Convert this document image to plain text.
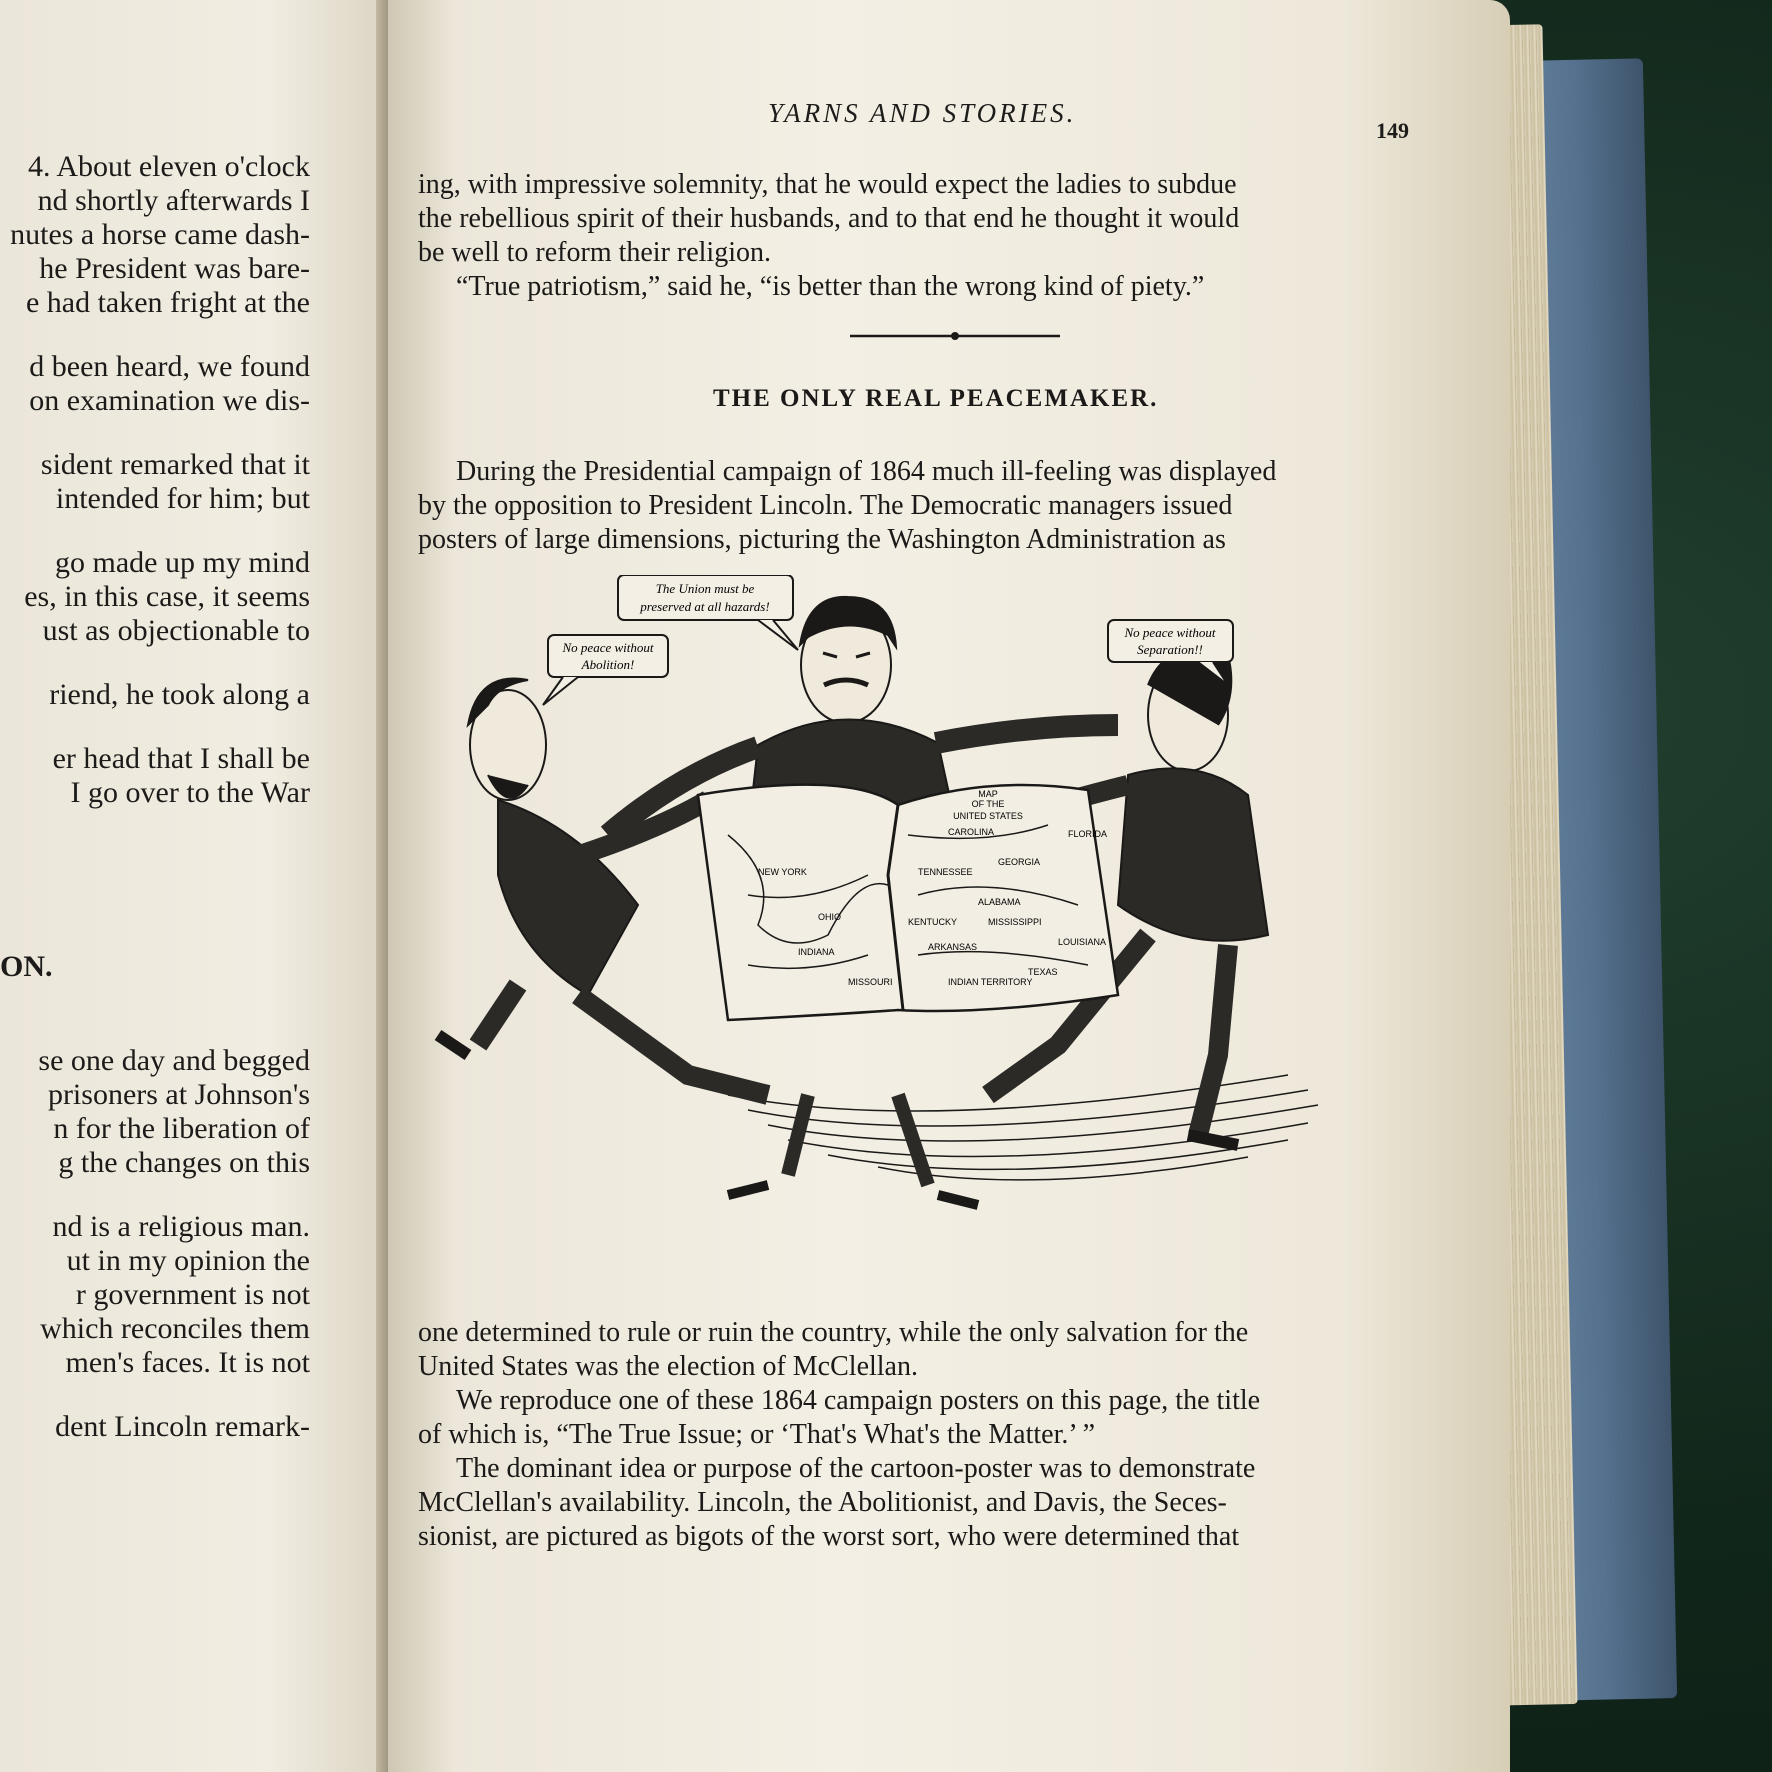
4. About eleven o'clock
nd shortly afterwards I
nutes a horse came dash-
he President was bare-
e had taken fright at the
d been heard, we found
on examination we dis-
sident remarked that it
intended for him; but
go made up my mind
es, in this case, it seems
ust as objectionable to
riend, he took along a
er head that I shall be
I go over to the War
ON.
se one day and begged
prisoners at Johnson's
n for the liberation of
g the changes on this
nd is a religious man.
ut in my opinion the
r government is not
which reconciles them
men's faces. It is not
dent Lincoln remark-
YARNS AND STORIES.
149
ing, with impressive solemnity, that he would expect the ladies to subdue
the rebellious spirit of their husbands, and to that end he thought it would
be well to reform their religion.
“True patriotism,” said he, “is better than the wrong kind of piety.”
THE ONLY REAL PEACEMAKER.
During the Presidential campaign of 1864 much ill-feeling was displayed
by the opposition to President Lincoln. The Democratic managers issued
posters of large dimensions, picturing the Washington Administration as
The Union must be
preserved at all hazards!
No peace without
Abolition!
No peace without
Separation!!
MAP
OF THE
UNITED STATES
FLORIDA
ALABAMA
TEXAS
OHIO
TENNESSEE
MISSISSIPPI
GEORGIA
NEW YORK
INDIANA
KENTUCKY
ARKANSAS	LOUISIANA
MISSOURI
CAROLINA
INDIAN TERRITORY
one determined to rule or ruin the country, while the only salvation for the
United States was the election of McClellan.
We reproduce one of these 1864 campaign posters on this page, the title
of which is, “The True Issue; or ‘That's What's the Matter.’ ”
The dominant idea or purpose of the cartoon-poster was to demonstrate
McClellan's availability. Lincoln, the Abolitionist, and Davis, the Seces-
sionist, are pictured as bigots of the worst sort, who were determined that
